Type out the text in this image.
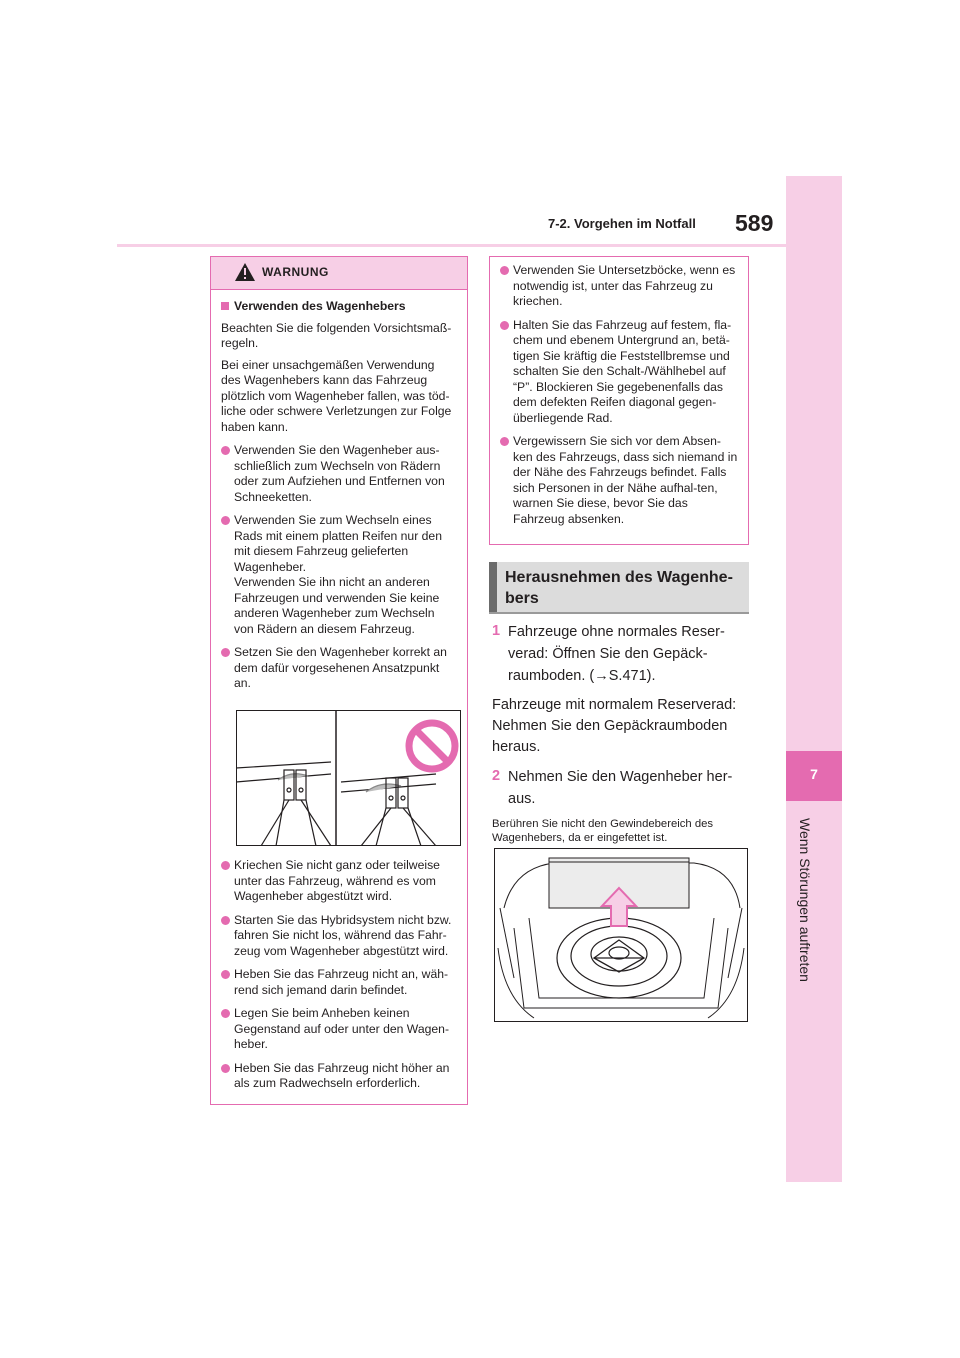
7
Wenn Störungen auftreten
7-2. Vorgehen im Notfall 589
WARNUNG
Verwenden des Wagenhebers
Beachten Sie die folgenden Vorsichtsmaß-regeln.
Bei einer unsachgemäßen Verwendung des Wagenhebers kann das Fahrzeug plötzlich vom Wagenheber fallen, was töd-liche oder schwere Verletzungen zur Folge haben kann.
Verwenden Sie den Wagenheber aus-schließlich zum Wechseln von Rädern oder zum Aufziehen und Entfernen von Schneeketten.
Verwenden Sie zum Wechseln eines Rads mit einem platten Reifen nur den mit diesem Fahrzeug gelieferten Wagenheber.
Verwenden Sie ihn nicht an anderen Fahrzeugen und verwenden Sie keine anderen Wagenheber zum Wechseln von Rädern an diesem Fahrzeug.
Setzen Sie den Wagenheber korrekt an dem dafür vorgesehenen Ansatzpunkt an.
Kriechen Sie nicht ganz oder teilweise unter das Fahrzeug, während es vom Wagenheber abgestützt wird.
Starten Sie das Hybridsystem nicht bzw. fahren Sie nicht los, während das Fahr-zeug vom Wagenheber abgestützt wird.
Heben Sie das Fahrzeug nicht an, wäh-rend sich jemand darin befindet.
Legen Sie beim Anheben keinen Gegenstand auf oder unter den Wagen-heber.
Heben Sie das Fahrzeug nicht höher an als zum Radwechseln erforderlich.
Verwenden Sie Untersetzböcke, wenn es notwendig ist, unter das Fahrzeug zu kriechen.
Halten Sie das Fahrzeug auf festem, fla-chem und ebenem Untergrund an, betä-tigen Sie kräftig die Feststellbremse und schalten Sie den Schalt-/Wählhebel auf “P”. Blockieren Sie gegebenenfalls das dem defekten Reifen diagonal gegen-überliegende Rad.
Vergewissern Sie sich vor dem Absen-ken des Fahrzeugs, dass sich niemand in der Nähe des Fahrzeugs befindet. Falls sich Personen in der Nähe aufhal-ten, warnen Sie diese, bevor Sie das Fahrzeug absenken.
Herausnehmen des Wagenhe-bers
1 Fahrzeuge ohne normales Reser-verad: Öffnen Sie den Gepäck-raumboden. (→S.471).
Fahrzeuge mit normalem Reserverad: Nehmen Sie den Gepäckraumboden heraus.
2 Nehmen Sie den Wagenheber her-aus.
Berühren Sie nicht den Gewindebereich des Wagenhebers, da er eingefettet ist.
